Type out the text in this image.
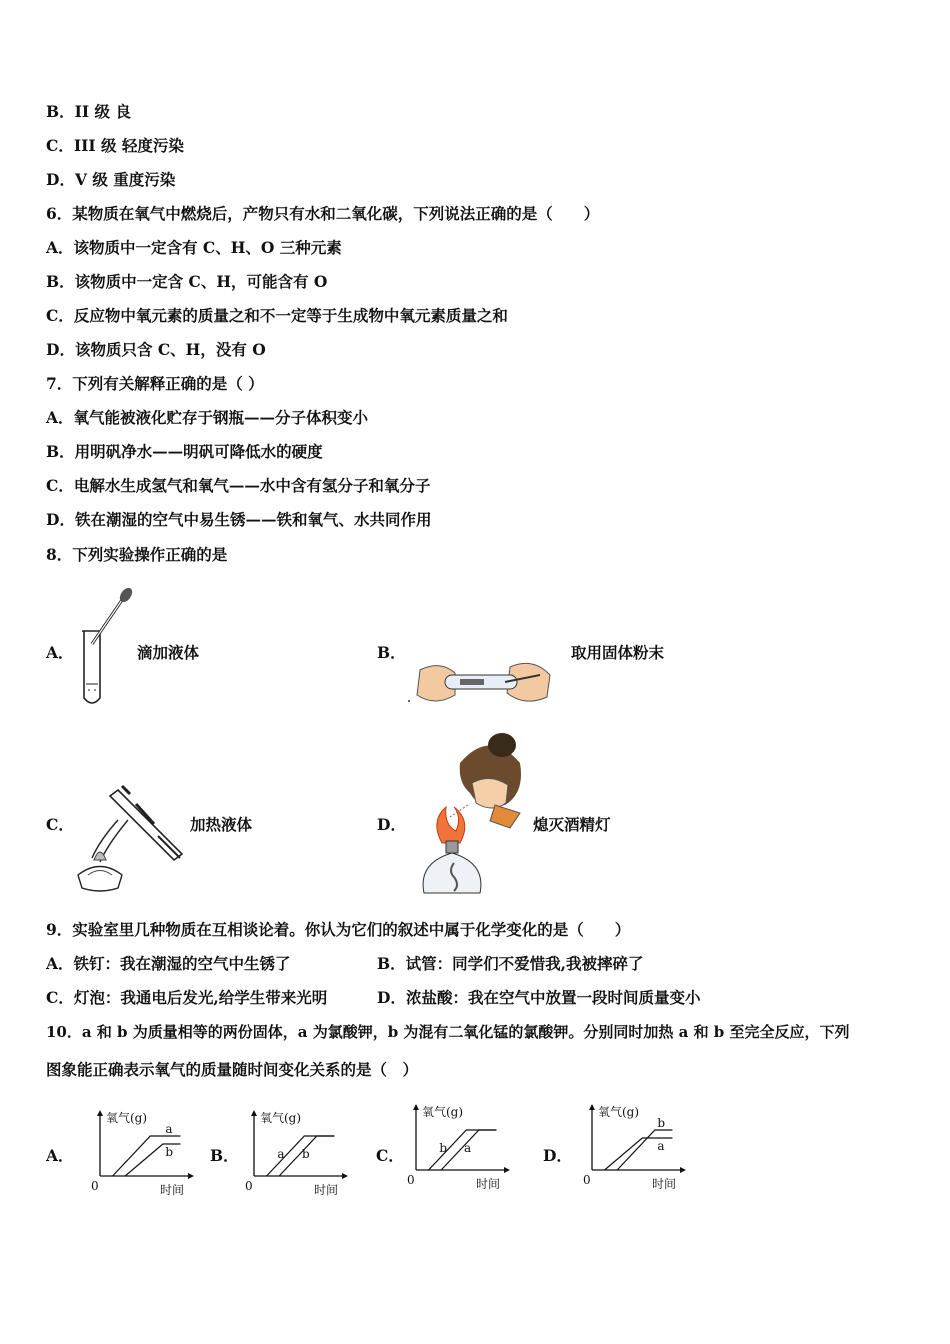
B．II 级 良
C．III 级 轻度污染
D．V 级 重度污染
6．某物质在氧气中燃烧后，产物只有水和二氧化碳，下列说法正确的是（　　）
A．该物质中一定含有 C、H、O 三种元素
B．该物质中一定含 C、H，可能含有 O
C．反应物中氧元素的质量之和不一定等于生成物中氧元素质量之和
D．该物质只含 C、H，没有 O
7．下列有关解释正确的是（ ）
A．氧气能被液化贮存于钢瓶——分子体积变小
B．用明矾净水——明矾可降低水的硬度
C．电解水生成氢气和氧气——水中含有氢分子和氧分子
D．铁在潮湿的空气中易生锈——铁和氧气、水共同作用
8．下列实验操作正确的是
A．	滴加液体	B．	取用固体粉末
C．	加热液体	D．	熄灭酒精灯
9．实验室里几种物质在互相谈论着。你认为它们的叙述中属于化学变化的是（　　）
A．铁钉：我在潮湿的空气中生锈了	B．试管：同学们不爱惜我,我被摔碎了
C．灯泡：我通电后发光,给学生带来光明	D．浓盐酸：我在空气中放置一段时间质量变小
10．a 和 b 为质量相等的两份固体，a 为氯酸钾，b 为混有二氧化锰的氯酸钾。分别同时加热 a 和 b 至完全反应，下列
图象能正确表示氧气的质量随时间变化关系的是（　）
A．
氧气(g)
时间
0
a
b B．
氧气(g)
时间
0
a b	C．
氧气(g)
时间
0
b a	D．
氧气(g)
时间
0
a
b
